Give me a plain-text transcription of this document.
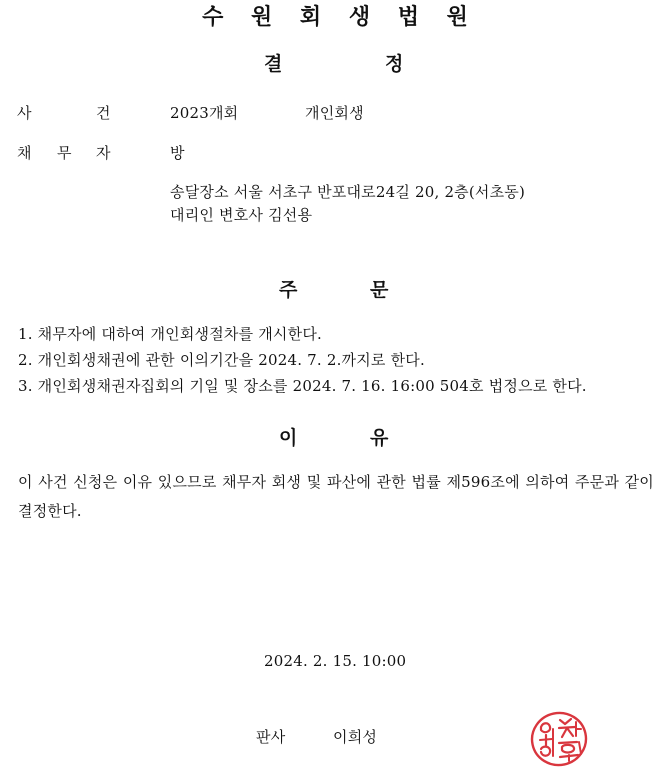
수 원 회 생 법 원
결	정
사	건	2023개회	개인회생
채 무 자	방
송달장소 서울 서초구 반포대로24길 20, 2층(서초동)
대리인 변호사 김선용
주	문
1. 채무자에 대하여 개인회생절차를 개시한다.
2. 개인회생채권에 관한 이의기간을 2024. 7. 2.까지로 한다.
3. 개인회생채권자집회의 기일 및 장소를 2024. 7. 16. 16:00 504호 법정으로 한다.
이	유
이 사건 신청은 이유 있으므로 채무자 회생 및 파산에 관한 법률 제596조에 의하여 주문과 같이 결정한다.
2024. 2. 15. 10:00
판사	이희성
